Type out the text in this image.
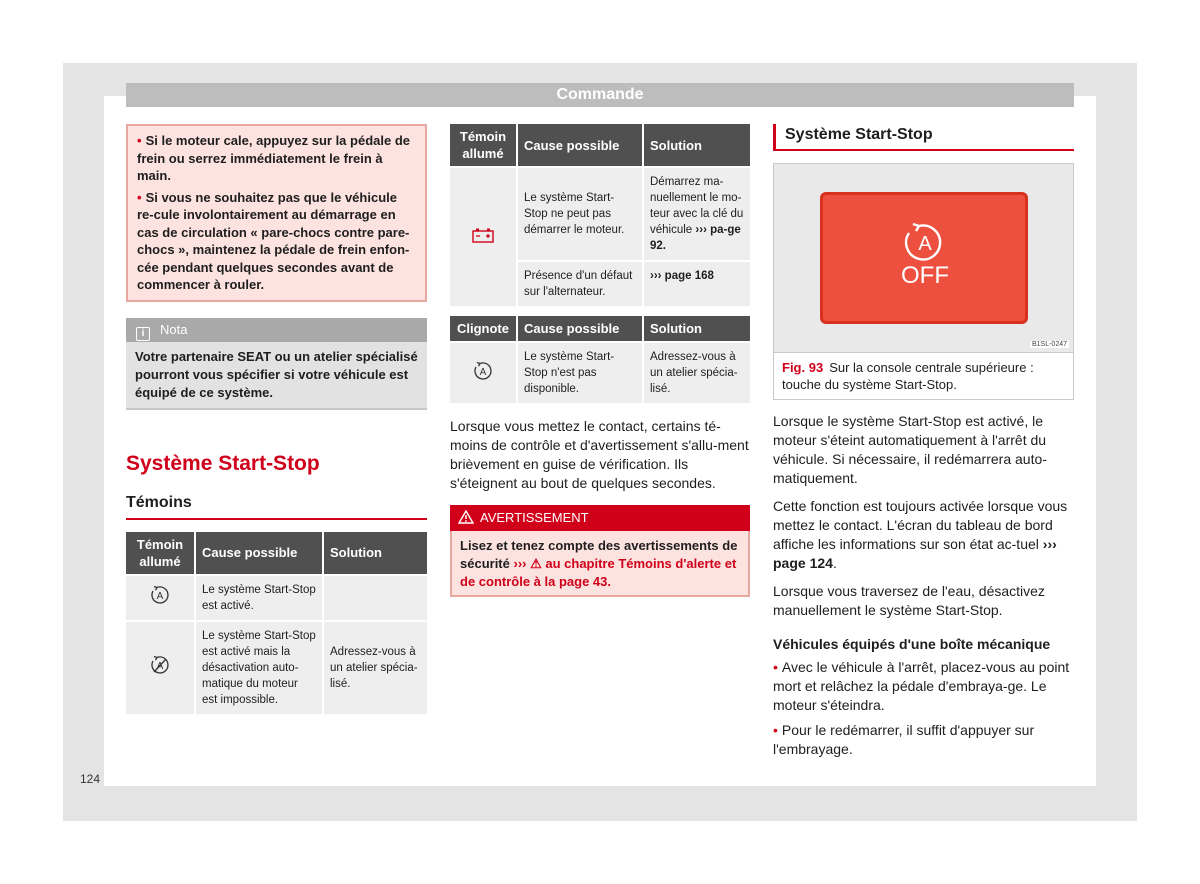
Commande
• Si le moteur cale, appuyez sur la pédale de frein ou serrez immédiatement le frein à main.
• Si vous ne souhaitez pas que le véhicule re-cule involontairement au démarrage en cas de circulation « pare-chocs contre pare-chocs », maintenez la pédale de frein enfon-cée pendant quelques secondes avant de commencer à rouler.
i Nota
Votre partenaire SEAT ou un atelier spécialisé pourront vous spécifier si votre véhicule est équipé de ce système.
Système Start-Stop
Témoins
Témoin allumé	Cause possible	Solution

A	Le système Start-Stop est activé.	

A	Le système Start-Stop est activé mais la désactivation auto-matique du moteur est impossible.	Adressez-vous à un atelier spécia-lisé.
Témoin allumé	Cause possible	Solution
	Le système Start-Stop ne peut pas démarrer le moteur.	Démarrez ma-nuellement le mo-teur avec la clé du véhicule ››› pa-ge 92.
	Présence d'un défaut sur l'alternateur.	››› page 168
Clignote	Cause possible	Solution

A	Le système Start-Stop n'est pas disponible.	Adressez-vous à un atelier spécia-lisé.
Lorsque vous mettez le contact, certains té-moins de contrôle et d'avertissement s'allu-ment brièvement en guise de vérification. Ils s'éteignent au bout de quelques secondes.
AVERTISSEMENT
Lisez et tenez compte des avertissements de sécurité ››› ⚠ au chapitre Témoins d'alerte et de contrôle à la page 43.
Système Start-Stop
A
OFF
B1SL-0247
Fig. 93 Sur la console centrale supérieure : touche du système Start-Stop.
Lorsque le système Start-Stop est activé, le moteur s'éteint automatiquement à l'arrêt du véhicule. Si nécessaire, il redémarrera auto-matiquement.
Cette fonction est toujours activée lorsque vous mettez le contact. L'écran du tableau de bord affiche les informations sur son état ac-tuel ››› page 124.
Lorsque vous traversez de l'eau, désactivez manuellement le système Start-Stop.
Véhicules équipés d'une boîte mécanique
• Avec le véhicule à l'arrêt, placez-vous au point mort et relâchez la pédale d'embraya-ge. Le moteur s'éteindra.
• Pour le redémarrer, il suffit d'appuyer sur l'embrayage.
124
